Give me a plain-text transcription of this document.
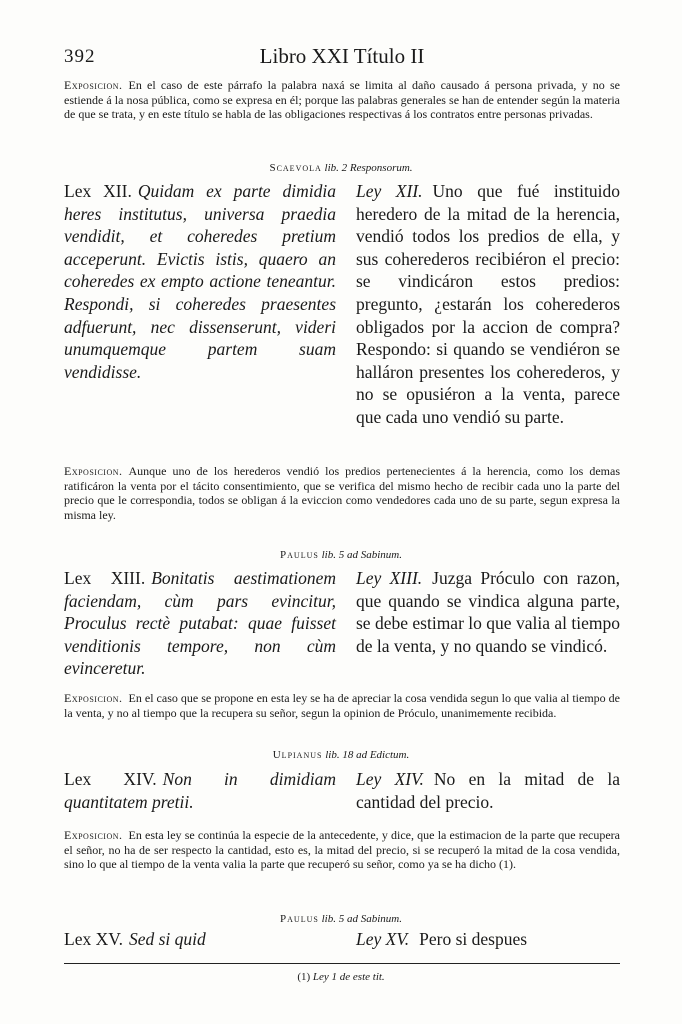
392	Libro XXI Título II
Exposicion. En el caso de este párrafo la palabra naxá se limita al daño causado á persona privada, y no se estiende á la nosa pública, como se expresa en él; porque las palabras generales se han de entender según la materia de que se trata, y en este título se habla de las obligaciones respectivas á los contratos entre personas privadas.
Scaevola lib. 2 Responsorum.
Lex XII. Quidam ex parte dimidia heres institutus, universa praedia vendidit, et coheredes pretium acceperunt. Evictis istis, quaero an coheredes ex empto actione teneantur. Respondi, si coheredes praesentes adfuerunt, nec dissenserunt, videri unumquemque partem suam vendidisse.
Ley XII. Uno que fué instituido heredero de la mitad de la herencia, vendió todos los predios de ella, y sus coherederos recibiéron el precio: se vindicáron estos predios: pregunto, ¿estarán los coherederos obligados por la accion de compra? Respondo: si quando se vendiéron se halláron presentes los coherederos, y no se opusiéron a la venta, parece que cada uno vendió su parte.
Exposicion. Aunque uno de los herederos vendió los predios pertenecientes á la herencia, como los demas ratificáron la venta por el tácito consentimiento, que se verifica del mismo hecho de recibir cada uno la parte del precio que le correspondia, todos se obligan á la eviccion como vendedores cada uno de su parte, segun expresa la misma ley.
Paulus lib. 5 ad Sabinum.
Lex XIII. Bonitatis aestimationem faciendam, cùm pars evincitur, Proculus rectè putabat: quae fuisset venditionis tempore, non cùm evinceretur.
Ley XIII. Juzga Próculo con razon, que quando se vindica alguna parte, se debe estimar lo que valia al tiempo de la venta, y no quando se vindicó.
Exposicion. En el caso que se propone en esta ley se ha de apreciar la cosa vendida segun lo que valia al tiempo de la venta, y no al tiempo que la recupera su señor, segun la opinion de Próculo, unanimemente recibida.
Ulpianus lib. 18 ad Edictum.
Lex XIV. Non in dimidiam quantitatem pretii.
Ley XIV. No en la mitad de la cantidad del precio.
Exposicion. En esta ley se continúa la especie de la antecedente, y dice, que la estimacion de la parte que recupera el señor, no ha de ser respecto la cantidad, esto es, la mitad del precio, si se recuperó la mitad de la cosa vendida, sino lo que al tiempo de la venta valia la parte que recuperó su señor, como ya se ha dicho (1).
Paulus lib. 5 ad Sabinum.
Lex XV. Sed si quid	Ley XV. Pero si despues
(1) Ley 1 de este tit.
